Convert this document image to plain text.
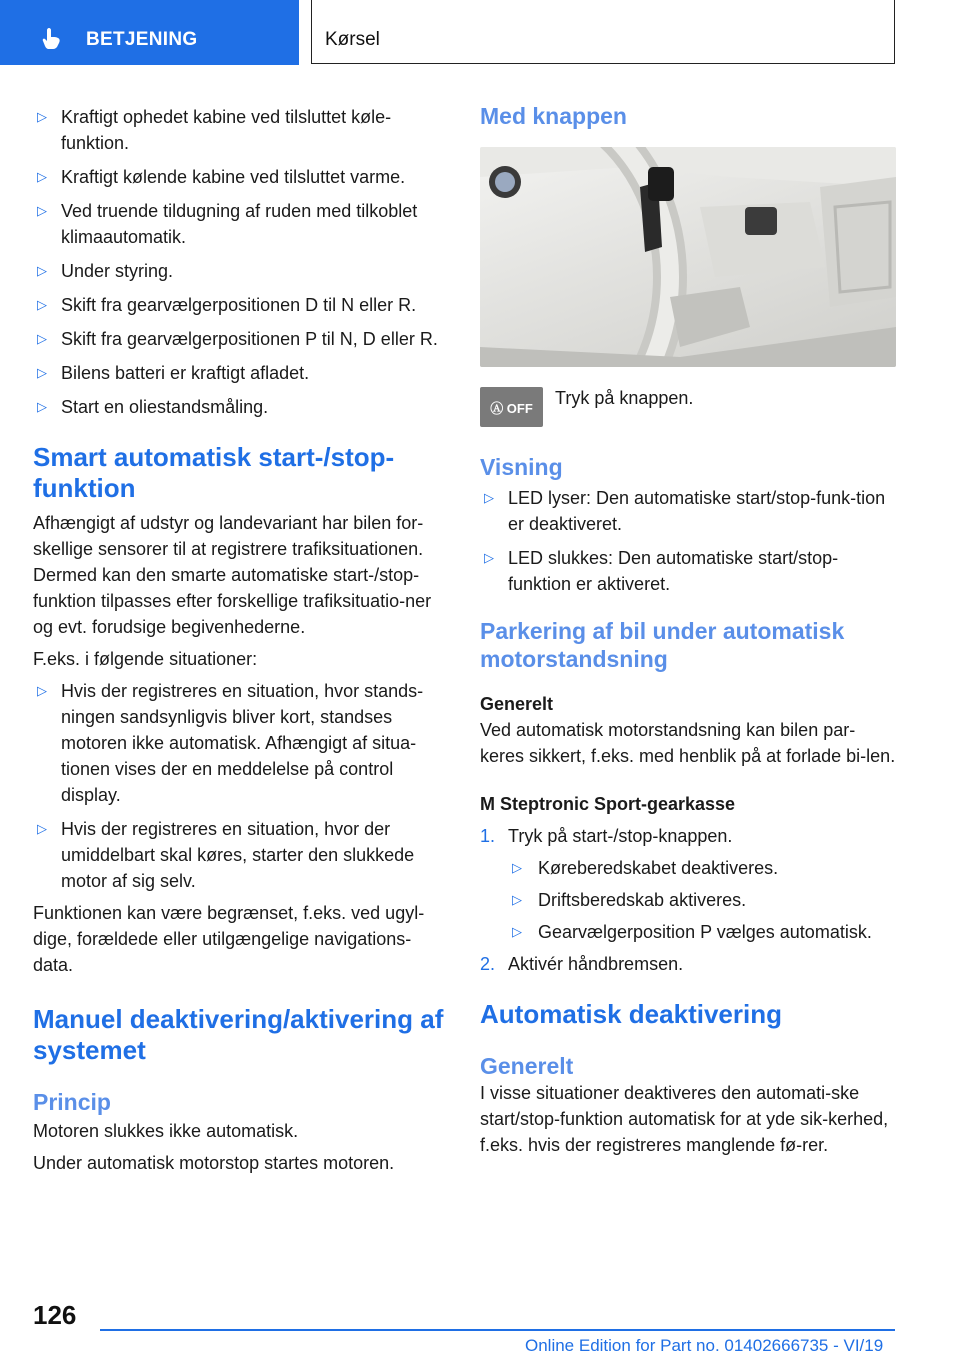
BETJENING	Kørsel
▷ Kraftigt ophedet kabine ved tilsluttet køle-funktion.
▷ Kraftigt kølende kabine ved tilsluttet varme.
▷ Ved truende tildugning af ruden med tilkoblet klimaautomatik.
▷ Under styring.
▷ Skift fra gearvælgerpositionen D til N eller R.
▷ Skift fra gearvælgerpositionen P til N, D eller R.
▷ Bilens batteri er kraftigt afladet.
▷ Start en oliestandsmåling.
Smart automatisk start-/stop-funktion

Afhængigt af udstyr og landevariant har bilen for-skellige sensorer til at registrere trafiksituationen. Dermed kan den smarte automatiske start-/stop-funktion tilpasses efter forskellige trafiksituatio-ner og evt. forudsige begivenhederne.

F.eks. i følgende situationer:

▷ Hvis der registreres en situation, hvor stands-ningen sandsynligvis bliver kort, standses motoren ikke automatisk. Afhængigt af situa-tionen vises der en meddelelse på control display.
▷ Hvis der registreres en situation, hvor der umiddelbart skal køres, starter den slukkede motor af sig selv.

Funktionen kan være begrænset, f.eks. ved ugyl-dige, forældede eller utilgængelige navigations-data.

Manuel deaktivering/aktivering af systemet
Princip

Motoren slukkes ikke automatisk.

Under automatisk motorstop startes motoren.

Med knappen
Ⓐ OFF Tryk på knappen.

Visning
▷ LED lyser: Den automatiske start/stop-funk-tion er deaktiveret.
▷ LED slukkes: Den automatiske start/stop-funktion er aktiveret.
Parkering af bil under automatisk motorstandsning
Generelt

Ved automatisk motorstandsning kan bilen par-keres sikkert, f.eks. med henblik på at forlade bi-len.

M Steptronic Sport-gearkasse
1. Tryk på start-/stop-knappen.
▷ Køreberedskabet deaktiveres.
▷ Driftsberedskab aktiveres.
▷ Gearvælgerposition P vælges automatisk.
2. Aktivér håndbremsen.
Automatisk deaktivering
Generelt

I visse situationer deaktiveres den automati-ske start/stop-funktion automatisk for at yde sik-kerhed, f.eks. hvis der registreres manglende fø-rer.

126
Online Edition for Part no. 01402666735 - VI/19
